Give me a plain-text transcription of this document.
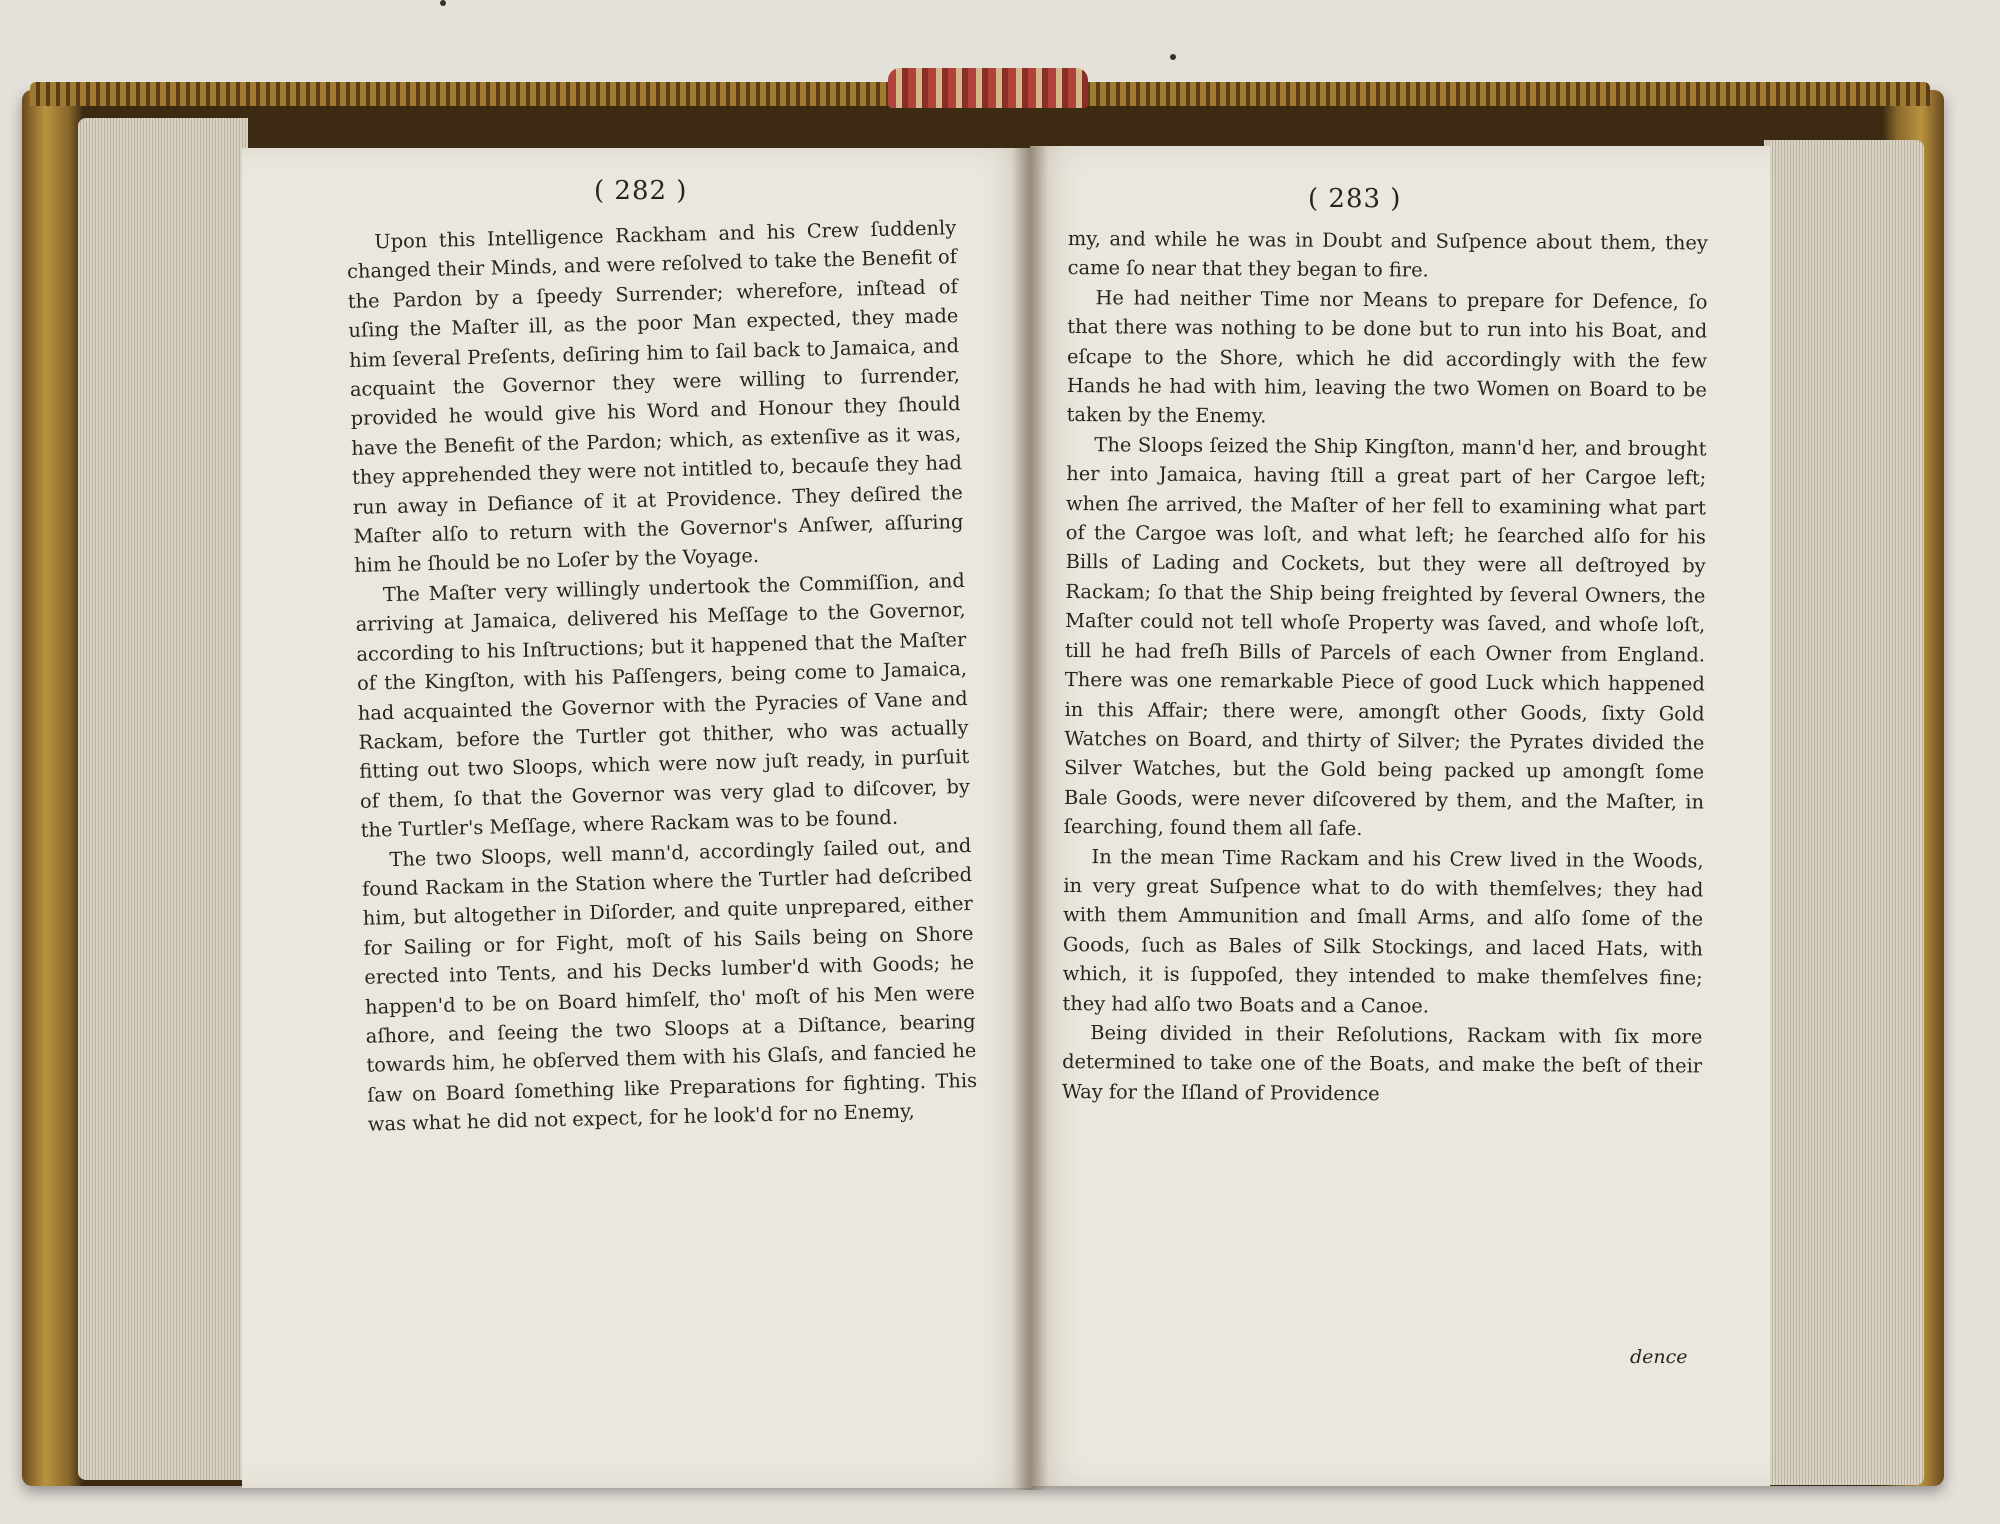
( 282 )

Upon this Intelligence Rackham and his Crew ſuddenly changed their Minds, and were reſolved to take the Benefit of the Pardon by a ſpeedy Surrender; wherefore, inſtead of uſing the Maſter ill, as the poor Man expected, they made him ſeveral Preſents, deſiring him to ſail back to Jamaica, and acquaint the Governor they were willing to ſurrender, provided he would give his Word and Honour they ſhould have the Benefit of the Pardon; which, as extenſive as it was, they apprehended they were not intitled to, becauſe they had run away in Defiance of it at Providence. They deſired the Maſter alſo to return with the Governor's Anſwer, aſſuring him he ſhould be no Loſer by the Voyage.

The Maſter very willingly undertook the Commiſſion, and arriving at Jamaica, delivered his Meſſage to the Governor, according to his Inſtructions; but it happened that the Maſter of the Kingſton, with his Paſſengers, being come to Jamaica, had acquainted the Governor with the Pyracies of Vane and Rackam, before the Turtler got thither, who was actually fitting out two Sloops, which were now juſt ready, in purſuit of them, ſo that the Governor was very glad to diſcover, by the Turtler's Meſſage, where Rackam was to be found.

The two Sloops, well mann'd, accordingly ſailed out, and found Rackam in the Station where the Turtler had deſcribed him, but altogether in Diſorder, and quite unprepared, either for Sailing or for Fight, moſt of his Sails being on Shore erected into Tents, and his Decks lumber'd with Goods; he happen'd to be on Board himſelf, tho' moſt of his Men were aſhore, and ſeeing the two Sloops at a Diſtance, bearing towards him, he obſerved them with his Glaſs, and fancied he ſaw on Board ſomething like Preparations for fighting. This was what he did not expect, for he look'd for no Enemy,

( 283 )

my, and while he was in Doubt and Suſpence about them, they came ſo near that they began to fire.

He had neither Time nor Means to prepare for Defence, ſo that there was nothing to be done but to run into his Boat, and eſcape to the Shore, which he did accordingly with the few Hands he had with him, leaving the two Women on Board to be taken by the Enemy.

The Sloops ſeized the Ship Kingſton, mann'd her, and brought her into Jamaica, having ſtill a great part of her Cargoe left; when ſhe arrived, the Maſter of her fell to examining what part of the Cargoe was loſt, and what left; he ſearched alſo for his Bills of Lading and Cockets, but they were all deſtroyed by Rackam; ſo that the Ship being freighted by ſeveral Owners, the Maſter could not tell whoſe Property was ſaved, and whoſe loſt, till he had freſh Bills of Parcels of each Owner from England. There was one remarkable Piece of good Luck which happened in this Affair; there were, amongſt other Goods, ſixty Gold Watches on Board, and thirty of Silver; the Pyrates divided the Silver Watches, but the Gold being packed up amongſt ſome Bale Goods, were never diſcovered by them, and the Maſter, in ſearching, found them all ſafe.

In the mean Time Rackam and his Crew lived in the Woods, in very great Suſpence what to do with themſelves; they had with them Ammunition and ſmall Arms, and alſo ſome of the Goods, ſuch as Bales of Silk Stockings, and laced Hats, with which, it is ſuppoſed, they intended to make themſelves fine; they had alſo two Boats and a Canoe.

Being divided in their Reſolutions, Rackam with ſix more determined to take one of the Boats, and make the beſt of their Way for the Iſland of Providence

dence
